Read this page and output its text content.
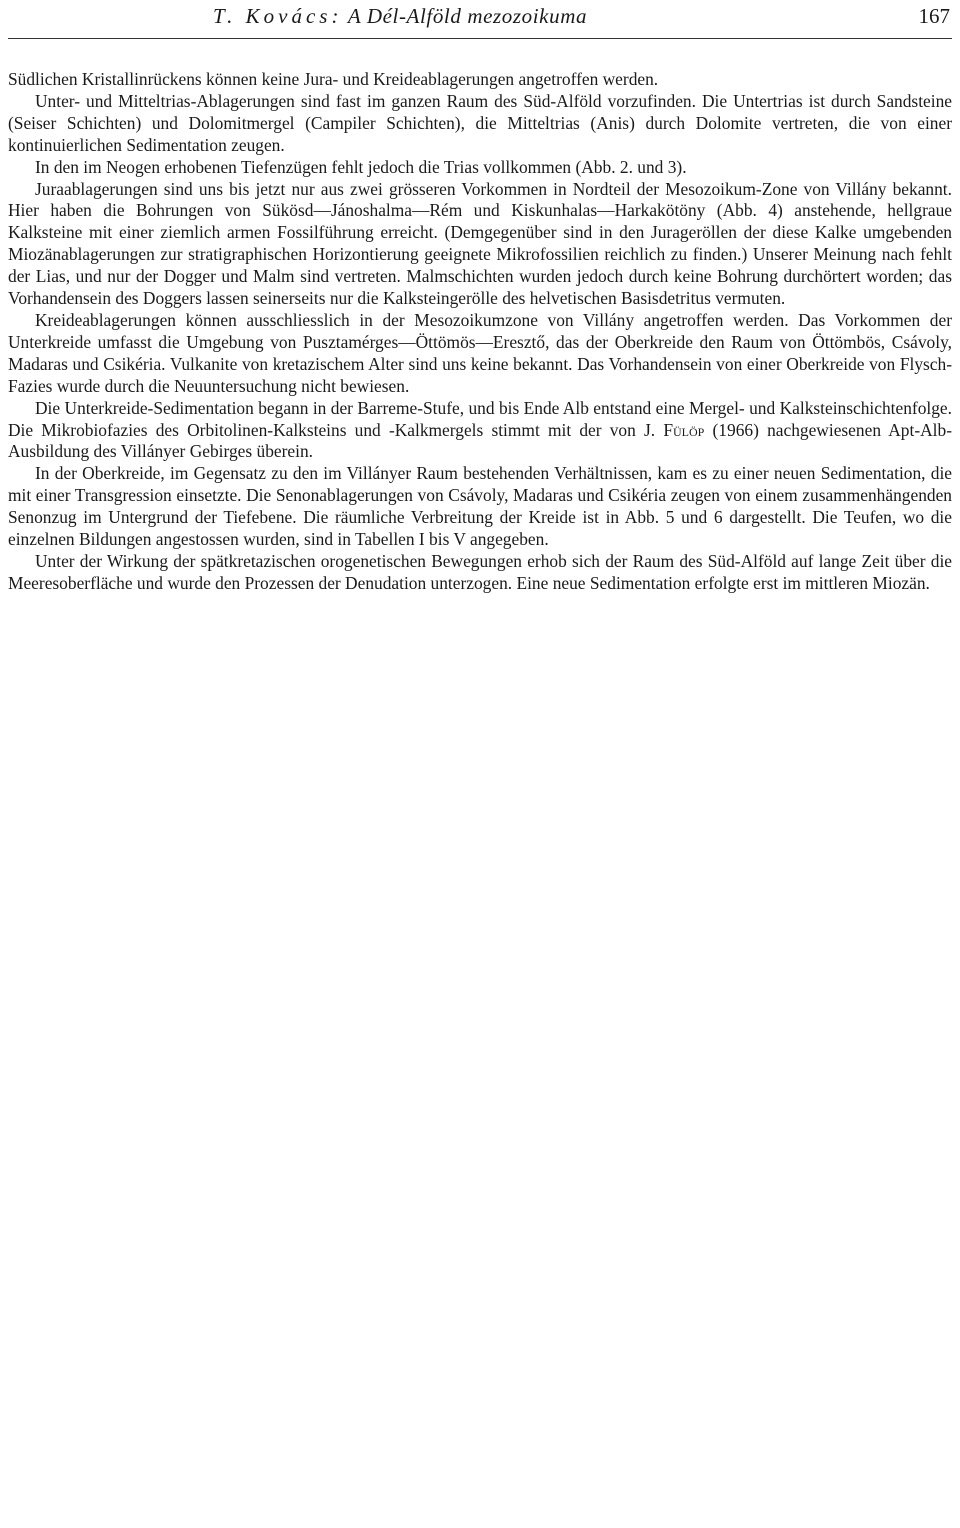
T. Kovács: A Dél-Alföld mezozoikuma	167

Südlichen Kristallinrückens können keine Jura- und Kreideablagerungen angetroffen werden.

Unter- und Mitteltrias-Ablagerungen sind fast im ganzen Raum des Süd-Alföld vorzufinden. Die Untertrias ist durch Sandsteine (Seiser Schichten) und Dolomitmergel (Campiler Schichten), die Mitteltrias (Anis) durch Dolomite vertreten, die von einer kontinuierlichen Sedimentation zeugen.

In den im Neogen erhobenen Tiefenzügen fehlt jedoch die Trias vollkommen (Abb. 2. und 3).

Juraablagerungen sind uns bis jetzt nur aus zwei grösseren Vorkommen in Nordteil der Mesozoikum-Zone von Villány bekannt. Hier haben die Bohrungen von Sükösd—Jánoshalma—Rém und Kiskunhalas—Harkakötöny (Abb. 4) anstehende, hellgraue Kalksteine mit einer ziemlich armen Fossilführung erreicht. (Demgegenüber sind in den Jurageröllen der diese Kalke umgebenden Miozänablagerungen zur stratigraphischen Horizontierung geeignete Mikrofossilien reichlich zu finden.) Unserer Meinung nach fehlt der Lias, und nur der Dogger und Malm sind vertreten. Malmschichten wurden jedoch durch keine Bohrung durchörtert worden; das Vorhandensein des Doggers lassen seinerseits nur die Kalksteingerölle des helvetischen Basisdetritus vermuten.

Kreideablagerungen können ausschliesslich in der Mesozoikumzone von Villány angetroffen werden. Das Vorkommen der Unterkreide umfasst die Umgebung von Pusztamérges—Öttömös—Eresztő, das der Oberkreide den Raum von Öttömbös, Csávoly, Madaras und Csikéria. Vulkanite von kretazischem Alter sind uns keine bekannt. Das Vorhandensein von einer Oberkreide von Flysch-Fazies wurde durch die Neuuntersuchung nicht bewiesen.

Die Unterkreide-Sedimentation begann in der Barreme-Stufe, und bis Ende Alb entstand eine Mergel- und Kalksteinschichtenfolge. Die Mikrobiofazies des Orbitolinen-Kalksteins und -Kalkmergels stimmt mit der von J. Fülöp (1966) nachgewiesenen Apt-Alb-Ausbildung des Villányer Gebirges überein.

In der Oberkreide, im Gegensatz zu den im Villányer Raum bestehenden Verhältnissen, kam es zu einer neuen Sedimentation, die mit einer Transgression einsetzte. Die Senonablagerungen von Csávoly, Madaras und Csikéria zeugen von einem zusammenhängenden Senonzug im Untergrund der Tiefebene. Die räumliche Verbreitung der Kreide ist in Abb. 5 und 6 dargestellt. Die Teufen, wo die einzelnen Bildungen angestossen wurden, sind in Tabellen I bis V angegeben.

Unter der Wirkung der spätkretazischen orogenetischen Bewegungen erhob sich der Raum des Süd-Alföld auf lange Zeit über die Meeresoberfläche und wurde den Prozessen der Denudation unterzogen. Eine neue Sedimentation erfolgte erst im mittleren Miozän.
